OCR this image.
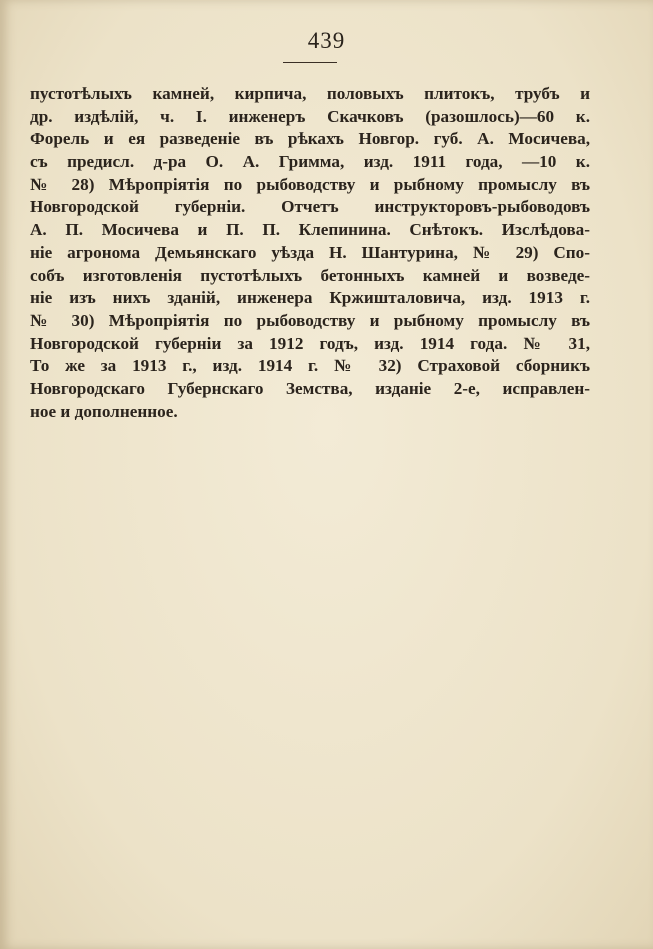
439
пустотѣлыхъ камней, кирпича, половыхъ плитокъ, трубъ и
др. издѣлій, ч. I. инженеръ Скачковъ (разошлось)—60 к.
Форель и ея разведеніе въ рѣкахъ Новгор. губ. А. Мосичева,
съ предисл. д-ра О. А. Гримма, изд. 1911 года, —10 к.
№ 28) Мѣропріятія по рыбоводству и рыбному промыслу въ
Новгородской губерніи. Отчетъ инструкторовъ-рыбоводовъ
А. П. Мосичева и П. П. Клепинина. Снѣтокъ. Изслѣдова-
ніе агронома Демьянскаго уѣзда Н. Шантурина, № 29) Спо-
собъ изготовленія пустотѣлыхъ бетонныхъ камней и возведе-
ніе изъ нихъ зданій, инженера Кржишталовича, изд. 1913 г.
№ 30) Мѣропріятія по рыбоводству и рыбному промыслу въ
Новгородской губерніи за 1912 годъ, изд. 1914 года. № 31,
То же за 1913 г., изд. 1914 г. № 32) Страховой сборникъ
Новгородскаго Губернскаго Земства, изданіе 2-е, исправлен-
ное и дополненное.
